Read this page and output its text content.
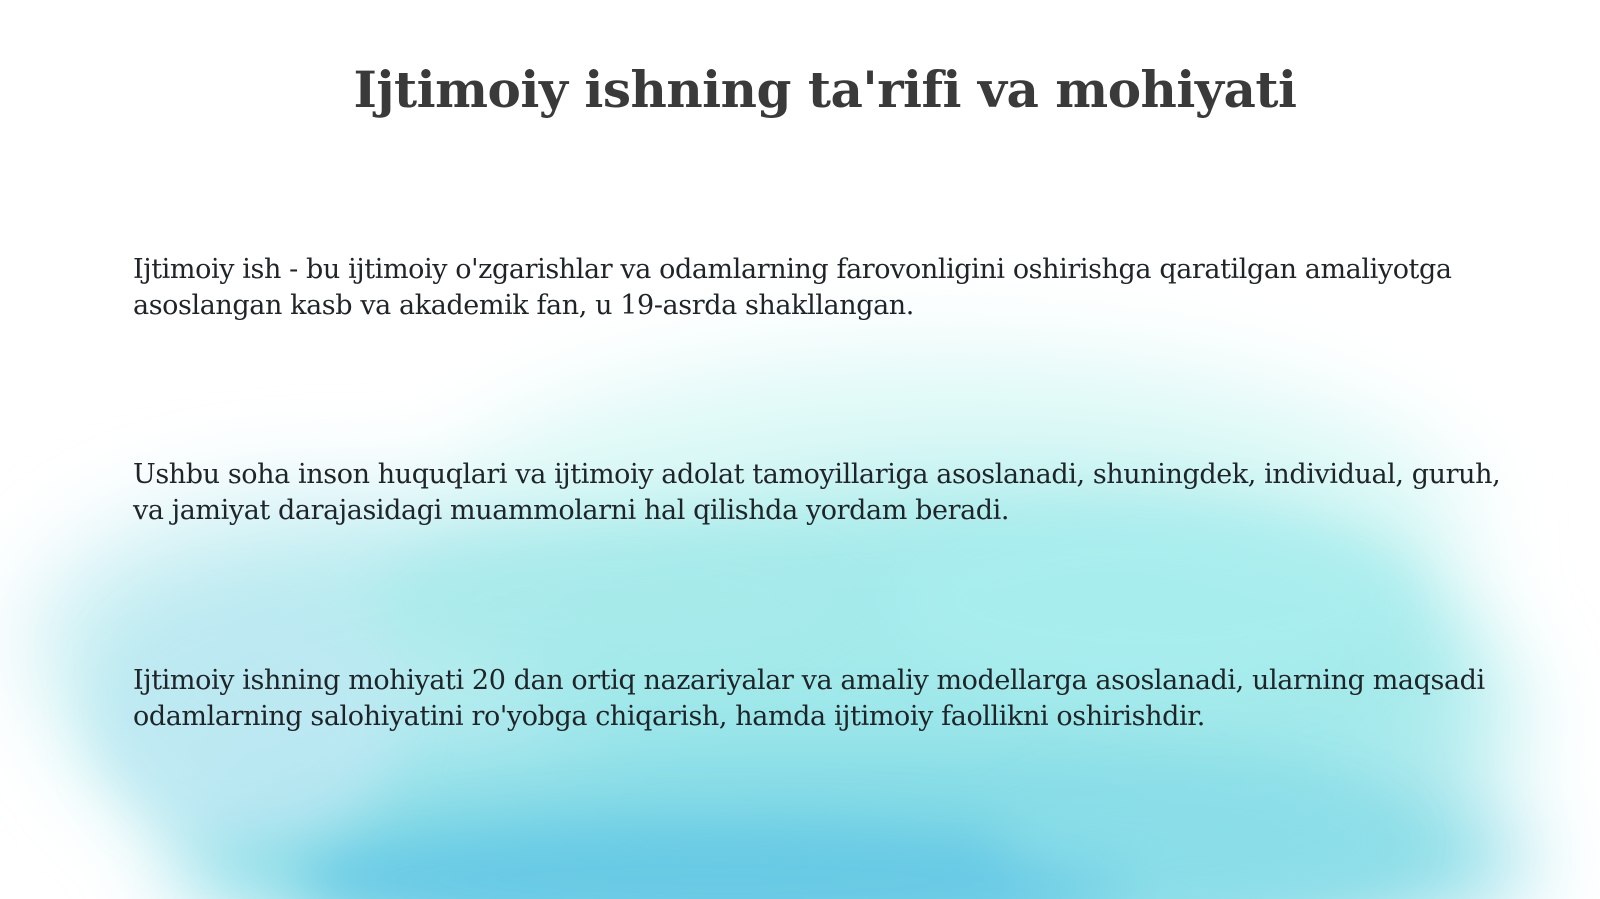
Ijtimoiy ishning ta'rifi va mohiyati

Ijtimoiy ish - bu ijtimoiy o'zgarishlar va odamlarning farovonligini oshirishga qaratilgan amaliyotga asoslangan kasb va akademik fan, u 19-asrda shakllangan.

Ushbu soha inson huquqlari va ijtimoiy adolat tamoyillariga asoslanadi, shuningdek, individual, guruh, va jamiyat darajasidagi muammolarni hal qilishda yordam beradi.

Ijtimoiy ishning mohiyati 20 dan ortiq nazariyalar va amaliy modellarga asoslanadi, ularning maqsadi odamlarning salohiyatini ro'yobga chiqarish, hamda ijtimoiy faollikni oshirishdir.
